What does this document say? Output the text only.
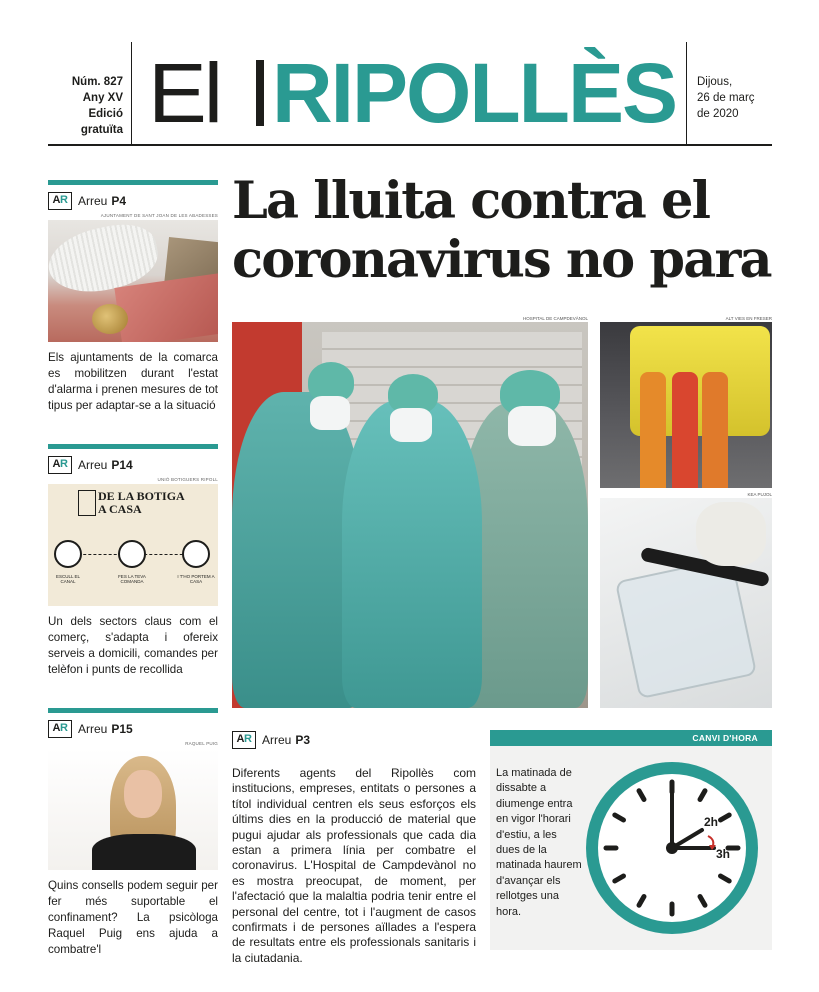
Núm. 827
Any XV
Edició gratuïta El RIPOLLÈS Dijous,
26 de març
de 2020
AR Arreu P4
AJUNTAMENT DE SANT JOAN DE LES ABADESSES
Els ajuntaments de la comarca es mobilitzen durant l'estat d'alarma i prenen mesures de tot tipus per adaptar-se a la situació
AR Arreu P14
UNIÓ BOTIGUERS RIPOLL
DE LA BOTIGA
A CASA
ESCULL EL CANAL
FES LA TEVA COMANDA
I T'HO PORTEM A CASA
Un dels sectors claus com el comerç, s'adapta i ofereix serveis a domicili, comandes per telèfon i punts de recollida
AR Arreu P15
RAQUEL PUIG
Quins consells podem seguir per fer més suportable el confinament? La psicòloga Raquel Puig ens ajuda a combatre'l
La lluita contra el coronavirus no para
HOSPITAL DE CAMPDEVÀNOL	ALT VIES EN FRESER
KEA PUJOL
AR Arreu P3
Diferents agents del Ripollès com institucions, empreses, entitats o persones a títol individual centren els seus esforços els últims dies en la producció de material que pugui ajudar als professionals que cada dia estan a primera línia per combatre el coronavirus. L'Hospital de Campdevànol no es mostra preocupat, de moment, per l'afectació que la malaltia podria tenir entre el personal del centre, tot i l'augment de casos confirmats i de persones aïllades a l'espera de resultats entre els professionals sanitaris i la ciutadania.
CANVI D'HORA
La matinada de dissabte a diumenge entra en vigor l'horari d'estiu, a les dues de la matinada haurem d'avançar els rellotges una hora.
2h
3h
